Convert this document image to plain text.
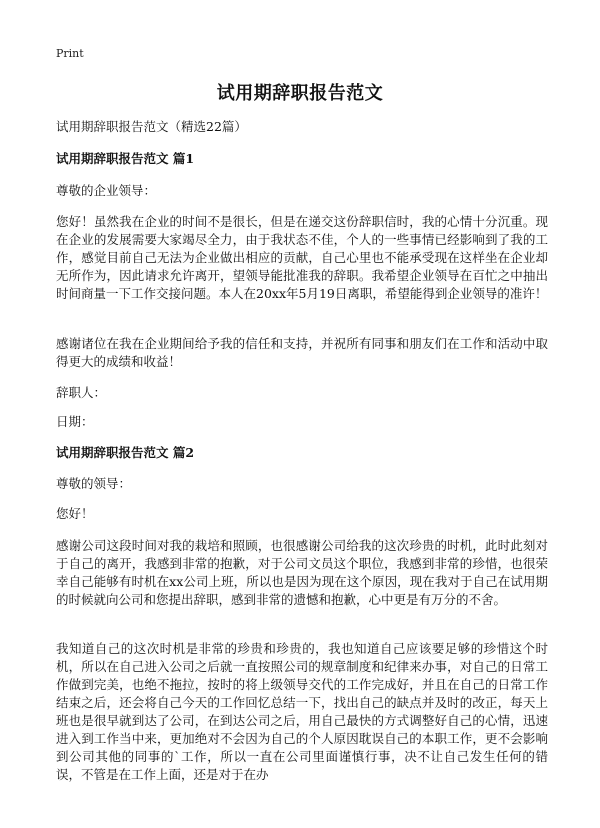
Print
试用期辞职报告范文

试用期辞职报告范文（精选22篇）

试用期辞职报告范文 篇1

尊敬的企业领导：

您好！虽然我在企业的时间不是很长，但是在递交这份辞职信时，我的心情十分沉重。现在企业的发展需要大家竭尽全力，由于我状态不佳，个人的一些事情已经影响到了我的工作，感觉目前自己无法为企业做出相应的贡献，自己心里也不能承受现在这样坐在企业却无所作为，因此请求允许离开，望领导能批准我的辞职。我希望企业领导在百忙之中抽出时间商量一下工作交接问题。本人在20xx年5月19日离职，希望能得到企业领导的准许！

感谢诸位在我在企业期间给予我的信任和支持，并祝所有同事和朋友们在工作和活动中取得更大的成绩和收益！

辞职人：

日期：

试用期辞职报告范文 篇2

尊敬的领导：

您好！

感谢公司这段时间对我的栽培和照顾，也很感谢公司给我的这次珍贵的时机，此时此刻对于自己的离开，我感到非常的抱歉，对于公司文员这个职位，我感到非常的珍惜，也很荣幸自己能够有时机在xx公司上班，所以也是因为现在这个原因，现在我对于自己在试用期的时候就向公司和您提出辞职，感到非常的遗憾和抱歉，心中更是有万分的不舍。

我知道自己的这次时机是非常的珍贵和珍贵的，我也知道自己应该要足够的珍惜这个时机，所以在自己进入公司之后就一直按照公司的规章制度和纪律来办事，对自己的日常工作做到完美，也绝不拖拉，按时的将上级领导交代的工作完成好，并且在自己的日常工作结束之后，还会将自己今天的工作回忆总结一下，找出自己的缺点并及时的改正，每天上班也是很早就到达了公司，在到达公司之后，用自己最快的方式调整好自己的心情，迅速进入到工作当中来，更加绝对不会因为自己的个人原因耽误自己的本职工作，更不会影响到公司其他的同事的`工作，所以一直在公司里面谨慎行事，决不让自己发生任何的错误，不管是在工作上面，还是对于在办
